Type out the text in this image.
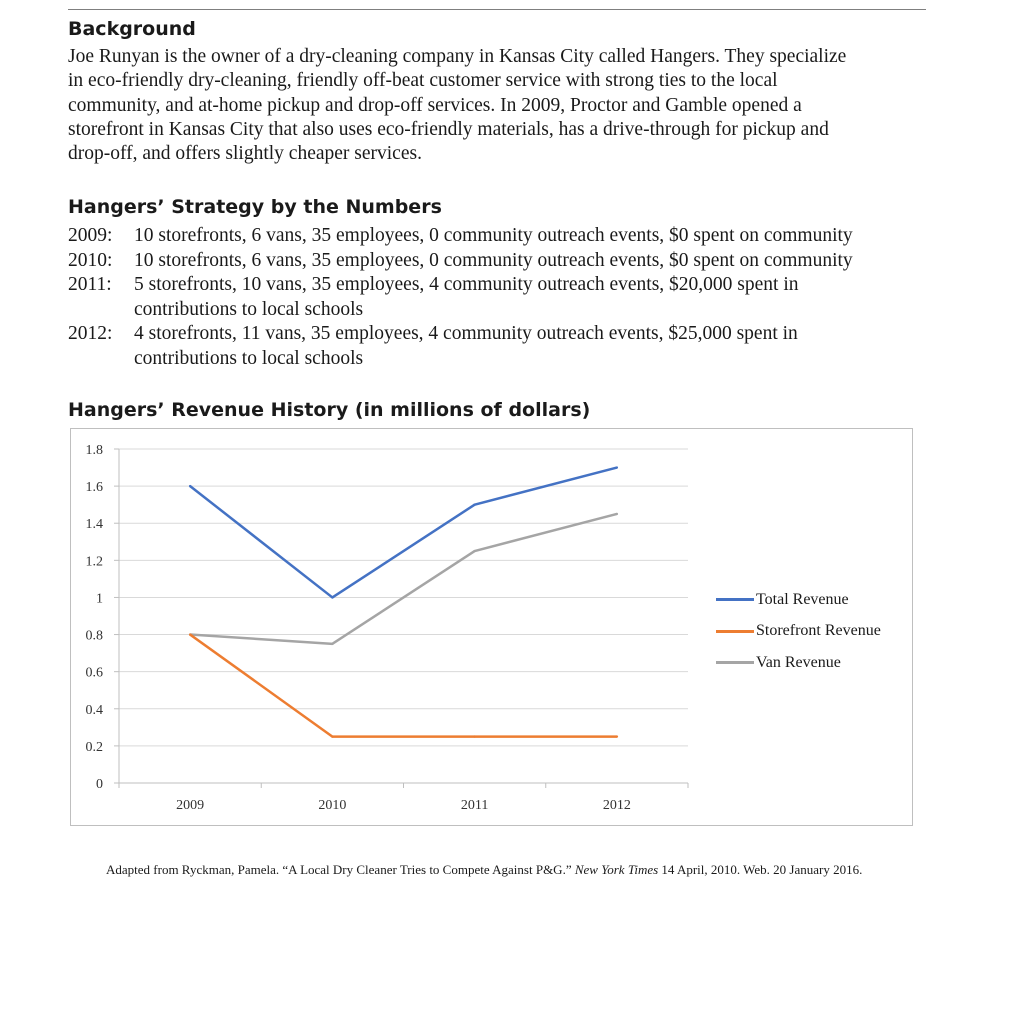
Background

Joe Runyan is the owner of a dry-cleaning company in Kansas City called Hangers. They specialize
in eco-friendly dry-cleaning, friendly off-beat customer service with strong ties to the local
community, and at-home pickup and drop-off services. In 2009, Proctor and Gamble opened a
storefront in Kansas City that also uses eco-friendly materials, has a drive-through for pickup and
drop-off, and offers slightly cheaper services.

Hangers’ Strategy by the Numbers
2009: 10 storefronts, 6 vans, 35 employees, 0 community outreach events, $0 spent on community
2010: 10 storefronts, 6 vans, 35 employees, 0 community outreach events, $0 spent on community
2011: 5 storefronts, 10 vans, 35 employees, 4 community outreach events, $20,000 spent in
contributions to local schools
2012: 4 storefronts, 11 vans, 35 employees, 4 community outreach events, $25,000 spent in
contributions to local schools
Hangers’ Revenue History (in millions of dollars)
0
0.2
0.4
0.6
0.8
1
1.2
1.4
1.6
1.8
2009	2010	2011	2012
Total Revenue
Storefront Revenue
Van Revenue
Adapted from Ryckman, Pamela. “A Local Dry Cleaner Tries to Compete Against P&G.” New York Times 14 April, 2010. Web. 20 January 2016.
